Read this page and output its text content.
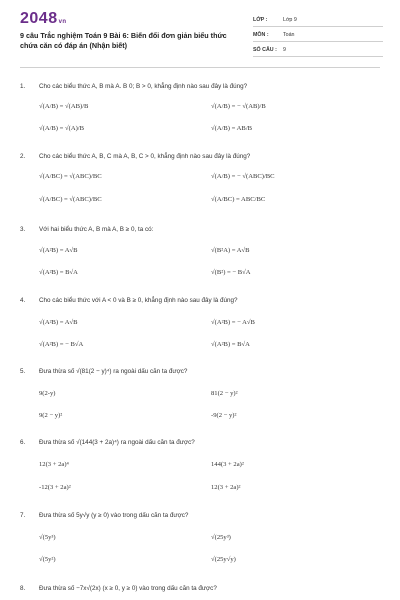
2048vn
9 câu Trắc nghiệm Toán 9 Bài 6: Biến đổi đơn giản biểu thức chứa căn có đáp án (Nhận biết)
LỚP :	Lớp 9
MÔN :	Toán
SỐ CÂU : 9
1.	Cho các biểu thức A, B mà A. B 0; B > 0, khẳng định nào sau đây là đúng?
√(A/B) = √(AB)/B	√(A/B) = − √(AB)/B
√(A/B) = √(A)/B	√(A/B) = AB/B
2.	Cho các biểu thức A, B, C mà A, B, C > 0, khẳng định nào sau đây là đúng?
√(A/BC) = √(ABC)/BC	√(A/B) = − √(ABC)/BC
√(A/BC) = √(ABC)/BC	√(A/BC) = ABC/BC
3.	Với hai biểu thức A, B mà A, B ≥ 0, ta có:
√(A²B) = A√B	√(B²A) = A√B
√(A²B) = B√A	√(B²) = − B√A
4.	Cho các biểu thức với A < 0 và B ≥ 0, khẳng định nào sau đây là đúng?
√(A²B) = A√B	√(A²B) = − A√B
√(A²B) = − B√A	√(A²B) = B√A
5.	Đưa thừa số √(81(2 − y)⁴) ra ngoài dấu căn ta được?
9(2-y)	81(2 − y)²
9(2 − y)²	-9(2 − y)²
6.	Đưa thừa số √(144(3 + 2a)⁴) ra ngoài dấu căn ta được?
12(3 + 2a)⁴	144(3 + 2a)²
-12(3 + 2a)²	12(3 + 2a)²
7.	Đưa thừa số 5y√y (y ≥ 0) vào trong dấu căn ta được?
√(5y³)	√(25y³)
√(5y²)	√(25y√y)
8.	Đưa thừa số −7x√(2x) (x ≥ 0, y ≥ 0) vào trong dấu căn ta được?
